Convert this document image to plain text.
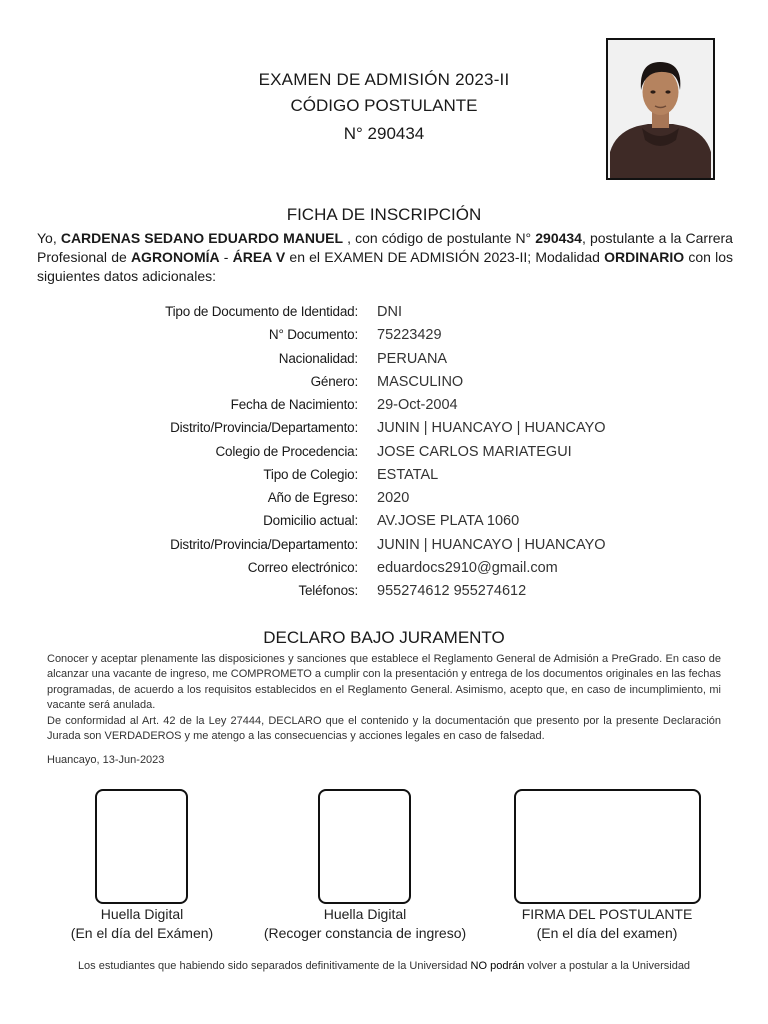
EXAMEN DE ADMISIÓN 2023-II
CÓDIGO POSTULANTE
N° 290434
FICHA DE INSCRIPCIÓN
Yo, CARDENAS SEDANO EDUARDO MANUEL , con código de postulante N° 290434, postulante a la Carrera Profesional de AGRONOMÍA - ÁREA V en el EXAMEN DE ADMISIÓN 2023-II; Modalidad ORDINARIO con los siguientes datos adicionales:
Tipo de Documento de Identidad: DNI
N° Documento: 75223429
Nacionalidad: PERUANA
Género: MASCULINO
Fecha de Nacimiento: 29-Oct-2004
Distrito/Provincia/Departamento: JUNIN | HUANCAYO | HUANCAYO
Colegio de Procedencia: JOSE CARLOS MARIATEGUI
Tipo de Colegio: ESTATAL
Año de Egreso: 2020
Domicilio actual: AV.JOSE PLATA 1060
Distrito/Provincia/Departamento: JUNIN | HUANCAYO | HUANCAYO
Correo electrónico: eduardocs2910@gmail.com
Teléfonos: 955274612 955274612
DECLARO BAJO JURAMENTO

Conocer y aceptar plenamente las disposiciones y sanciones que establece el Reglamento General de Admisión a PreGrado. En caso de alcanzar una vacante de ingreso, me COMPROMETO a cumplir con la presentación y entrega de los documentos originales en las fechas programadas, de acuerdo a los requisitos establecidos en el Reglamento General. Asimismo, acepto que, en caso de incumplimiento, mi vacante será anulada.

De conformidad al Art. 42 de la Ley 27444, DECLARO que el contenido y la documentación que presento por la presente Declaración Jurada son VERDADEROS y me atengo a las consecuencias y acciones legales en caso de falsedad.

Huancayo, 13-Jun-2023
Huella Digital
(En el día del Exámen)
Huella Digital
(Recoger constancia de ingreso)
FIRMA DEL POSTULANTE
(En el día del examen)
Los estudiantes que habiendo sido separados definitivamente de la Universidad NO podrán volver a postular a la Universidad
